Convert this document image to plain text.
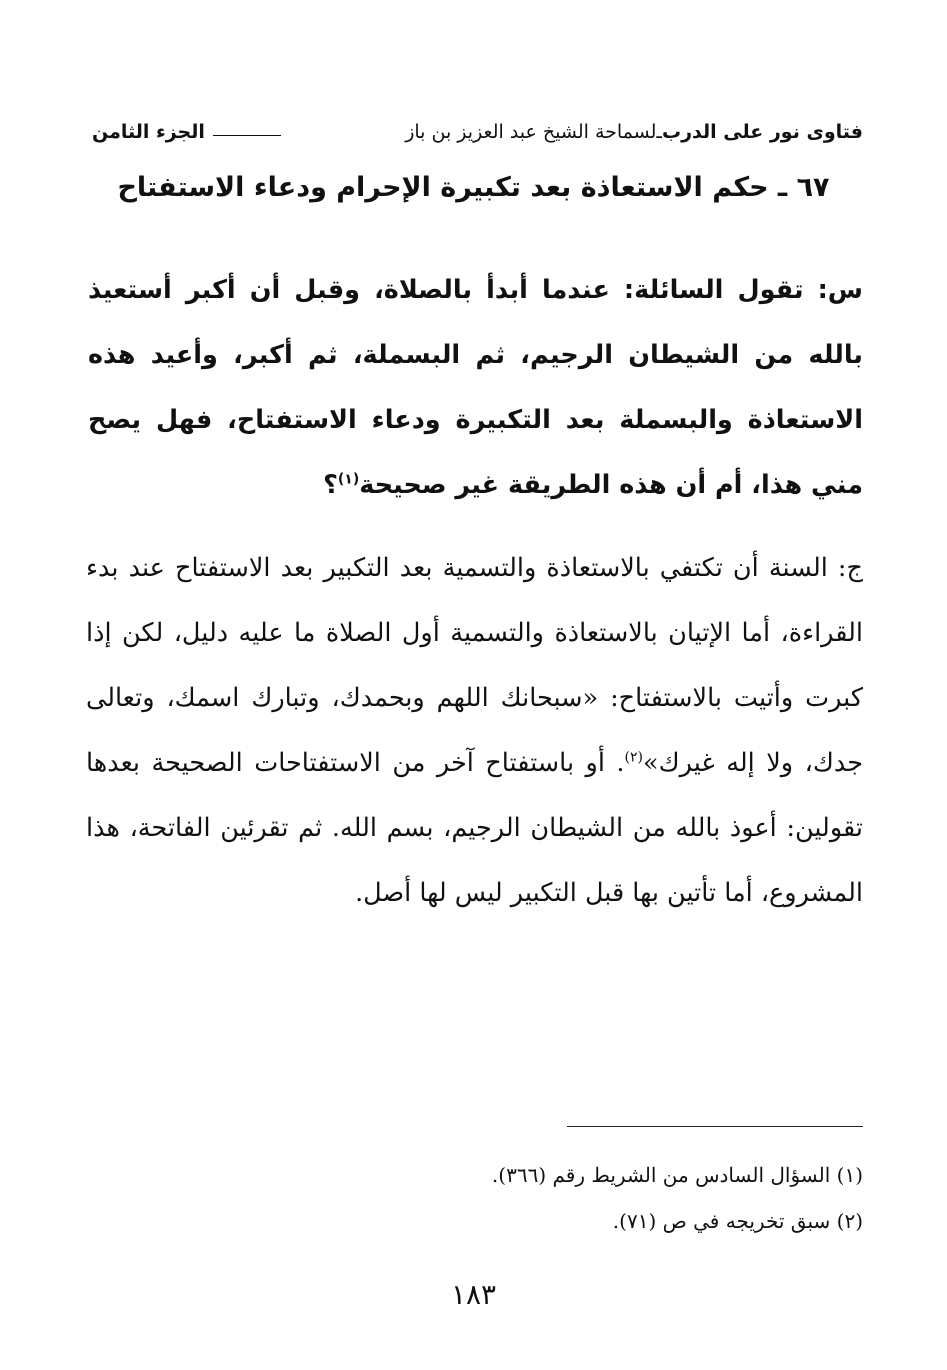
فتاوى نور على الدرب
ـ
لسماحة الشيخ عبد العزيز بن باز
الجزء الثامن
٦٧ ـ حكم الاستعاذة بعد تكبيرة الإحرام ودعاء الاستفتاح

س: تقول السائلة: عندما أبدأ بالصلاة، وقبل أن أكبر أستعيذ بالله من الشيطان الرجيم، ثم البسملة، ثم أكبر، وأعيد هذه الاستعاذة والبسملة بعد التكبيرة ودعاء الاستفتاح، فهل يصح مني هذا، أم أن هذه الطريقة غير صحيحة$^{(١)}$؟

ج: السنة أن تكتفي بالاستعاذة والتسمية بعد التكبير بعد الاستفتاح عند بدء القراءة، أما الإتيان بالاستعاذة والتسمية أول الصلاة ما عليه دليل، لكن إذا كبرت وأتيت بالاستفتاح: «سبحانك اللهم وبحمدك، وتبارك اسمك، وتعالى جدك، ولا إله غيرك»$^{(٢)}$. أو باستفتاح آخر من الاستفتاحات الصحيحة بعدها تقولين: أعوذ بالله من الشيطان الرجيم، بسم الله. ثم تقرئين الفاتحة، هذا المشروع، أما تأتين بها قبل التكبير ليس لها أصل.

(١) السؤال السادس من الشريط رقم (٣٦٦).
(٢) سبق تخريجه في ص (٧١).
١٨٣
